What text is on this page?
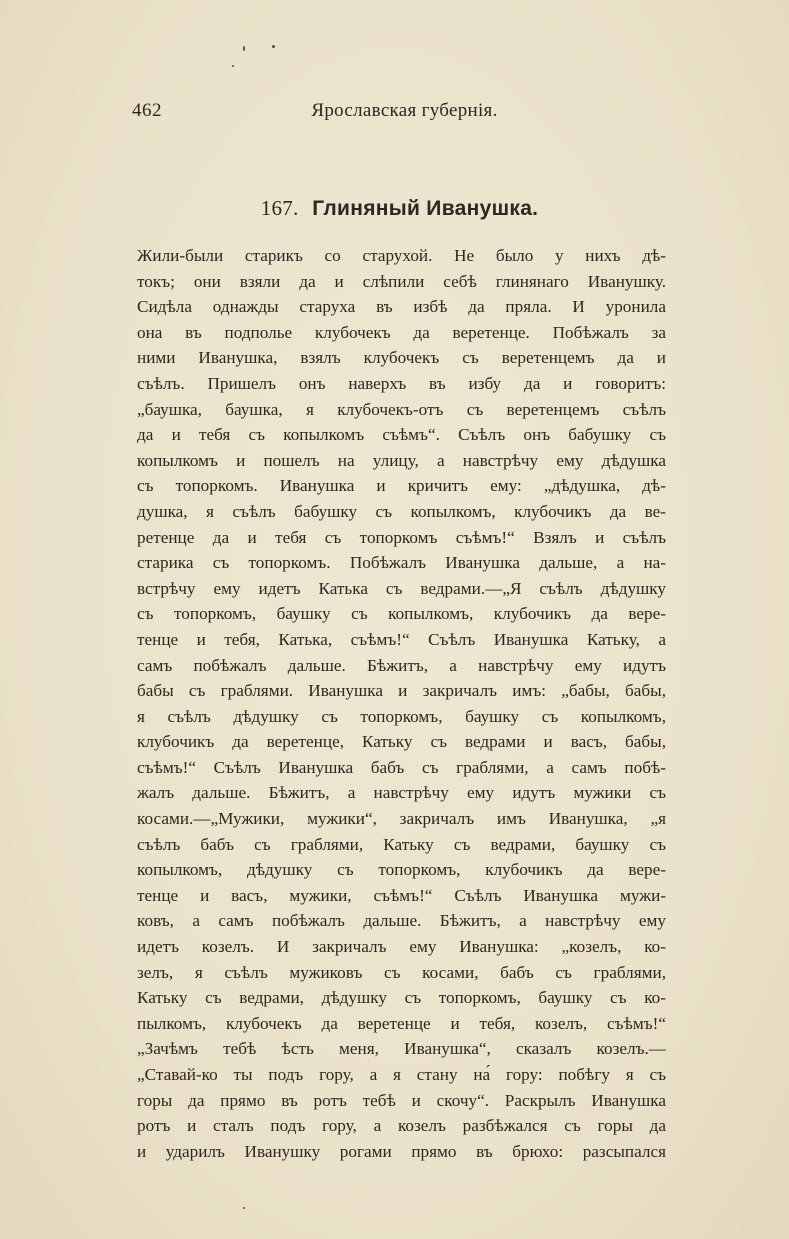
462	Ярославская губернія.
167. Глиняный Иванушка.
Жили-были старикъ со старухой. Не было у нихъ дѣ-
токъ; они взяли да и слѣпили себѣ глинянаго Иванушку.
Сидѣла однажды старуха въ избѣ да пряла. И уронила
она въ подполье клубочекъ да веретенце. Побѣжалъ за
ними Иванушка, взялъ клубочекъ съ веретенцемъ да и
съѣлъ. Пришелъ онъ наверхъ въ избу да и говоритъ:
„баушка, баушка, я клубочекъ-отъ съ веретенцемъ съѣлъ
да и тебя съ копылкомъ съѣмъ“. Съѣлъ онъ бабушку съ
копылкомъ и пошелъ на улицу, а навстрѣчу ему дѣдушка
съ топоркомъ. Иванушка и кричитъ ему: „дѣдушка, дѣ-
душка, я съѣлъ бабушку съ копылкомъ, клубочикъ да ве-
ретенце да и тебя съ топоркомъ съѣмъ!“ Взялъ и съѣлъ
старика съ топоркомъ. Побѣжалъ Иванушка дальше, а на-
встрѣчу ему идетъ Катька съ ведрами.—„Я съѣлъ дѣдушку
съ топоркомъ, баушку съ копылкомъ, клубочикъ да вере-
тенце и тебя, Катька, съѣмъ!“ Съѣлъ Иванушка Катьку, а
самъ побѣжалъ дальше. Бѣжитъ, а навстрѣчу ему идутъ
бабы съ граблями. Иванушка и закричалъ имъ: „бабы, бабы,
я съѣлъ дѣдушку съ топоркомъ, баушку съ копылкомъ,
клубочикъ да веретенце, Катьку съ ведрами и васъ, бабы,
съѣмъ!“ Съѣлъ Иванушка бабъ съ граблями, а самъ побѣ-
жалъ дальше. Бѣжитъ, а навстрѣчу ему идутъ мужики съ
косами.—„Мужики, мужики“, закричалъ имъ Иванушка, „я
съѣлъ бабъ съ граблями, Катьку съ ведрами, баушку съ
копылкомъ, дѣдушку съ топоркомъ, клубочикъ да вере-
тенце и васъ, мужики, съѣмъ!“ Съѣлъ Иванушка мужи-
ковъ, а самъ побѣжалъ дальше. Бѣжитъ, а навстрѣчу ему
идетъ козелъ. И закричалъ ему Иванушка: „козелъ, ко-
зелъ, я съѣлъ мужиковъ съ косами, бабъ съ граблями,
Катьку съ ведрами, дѣдушку съ топоркомъ, баушку съ ко-
пылкомъ, клубочекъ да веретенце и тебя, козелъ, съѣмъ!“
„Зачѣмъ тебѣ ѣсть меня, Иванушка“, сказалъ козелъ.—
„Ставай-ко ты подъ гору, а я стану на́ гору: побѣгу я съ
горы да прямо въ ротъ тебѣ и скочу“. Раскрылъ Иванушка
ротъ и сталъ подъ гору, а козелъ разбѣжался съ горы да
и ударилъ Иванушку рогами прямо въ брюхо: разсыпался
